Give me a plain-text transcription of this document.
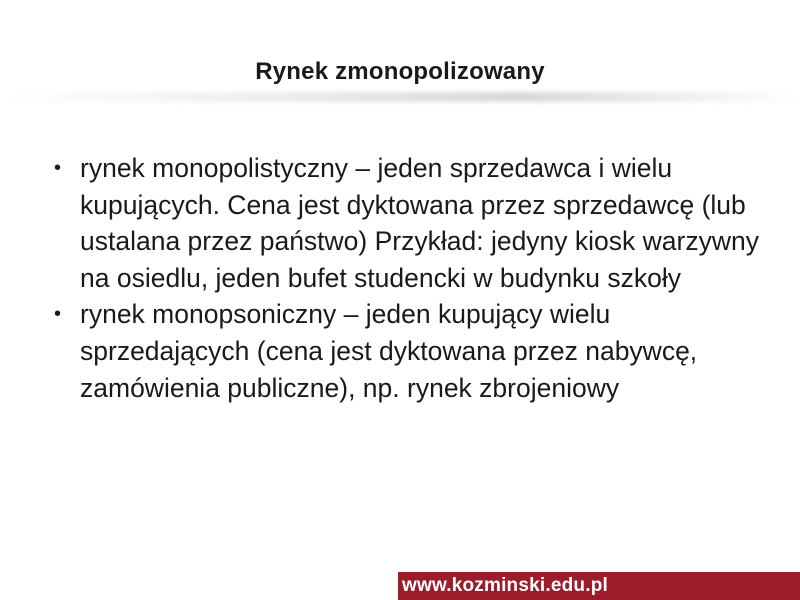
Rynek zmonopolizowany
• rynek monopolistyczny – jeden sprzedawca i wielu kupujących. Cena jest dyktowana przez sprzedawcę (lub ustalana przez państwo) Przykład: jedyny kiosk warzywny na osiedlu, jeden bufet studencki w budynku szkoły
• rynek monopsoniczny – jeden kupujący wielu sprzedających (cena jest dyktowana przez nabywcę, zamówienia publiczne), np. rynek zbrojeniowy
www.kozminski.edu.pl
